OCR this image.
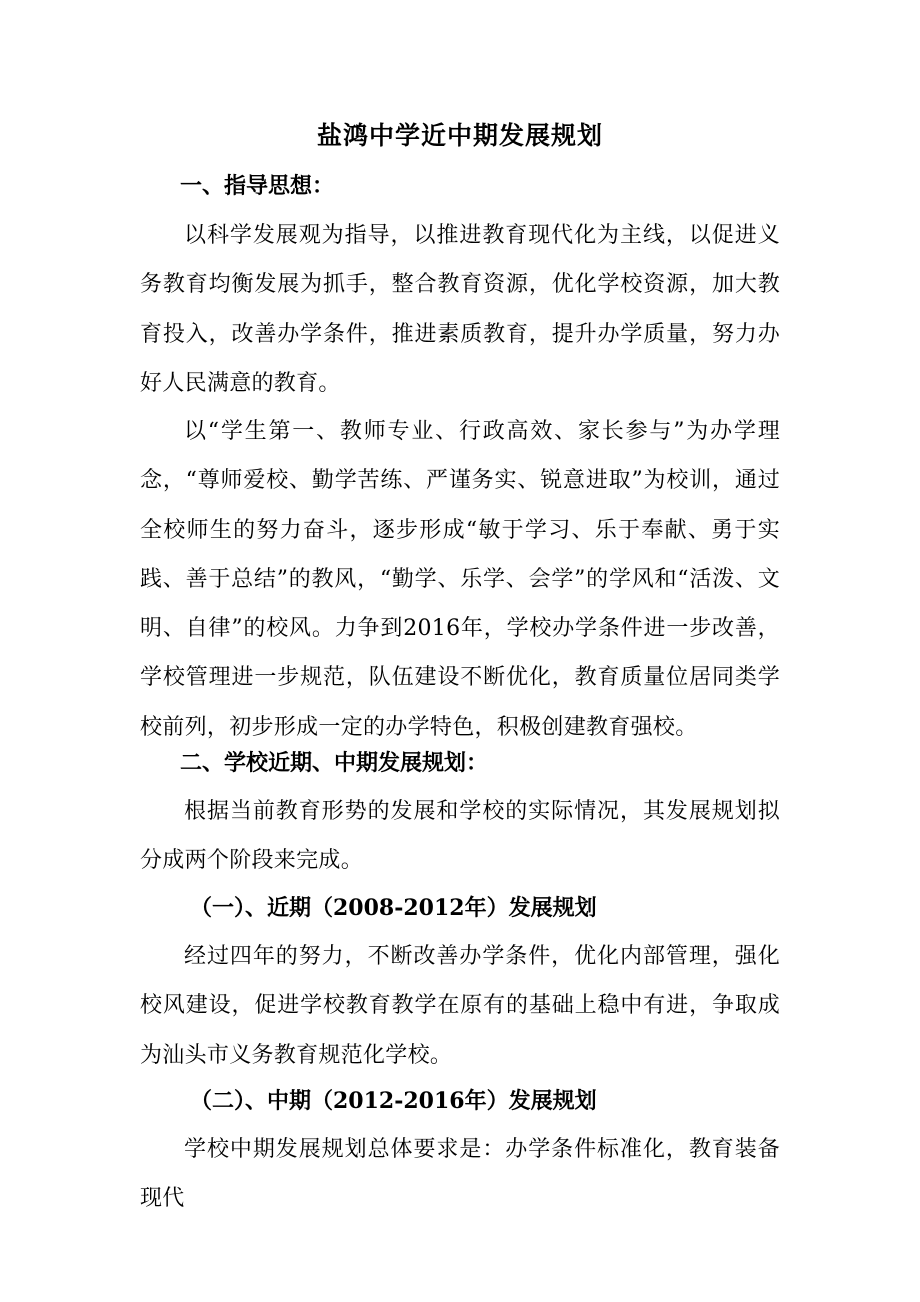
盐鸿中学近中期发展规划
一、指导思想：
以科学发展观为指导，以推进教育现代化为主线，以促进义务教育均衡发展为抓手，整合教育资源，优化学校资源，加大教育投入，改善办学条件，推进素质教育，提升办学质量，努力办好人民满意的教育。
以“学生第一、教师专业、行政高效、家长参与”为办学理念，“尊师爱校、勤学苦练、严谨务实、锐意进取”为校训，通过全校师生的努力奋斗，逐步形成“敏于学习、乐于奉献、勇于实践、善于总结”的教风，“勤学、乐学、会学”的学风和“活泼、文明、自律”的校风。力争到2016年，学校办学条件进一步改善，学校管理进一步规范，队伍建设不断优化，教育质量位居同类学校前列，初步形成一定的办学特色，积极创建教育强校。
二、学校近期、中期发展规划：
根据当前教育形势的发展和学校的实际情况，其发展规划拟分成两个阶段来完成。
（一）、近期（2008-2012年）发展规划
经过四年的努力，不断改善办学条件，优化内部管理，强化校风建设，促进学校教育教学在原有的基础上稳中有进，争取成为汕头市义务教育规范化学校。
（二）、中期（2012-2016年）发展规划
学校中期发展规划总体要求是：办学条件标准化，教育装备现代
